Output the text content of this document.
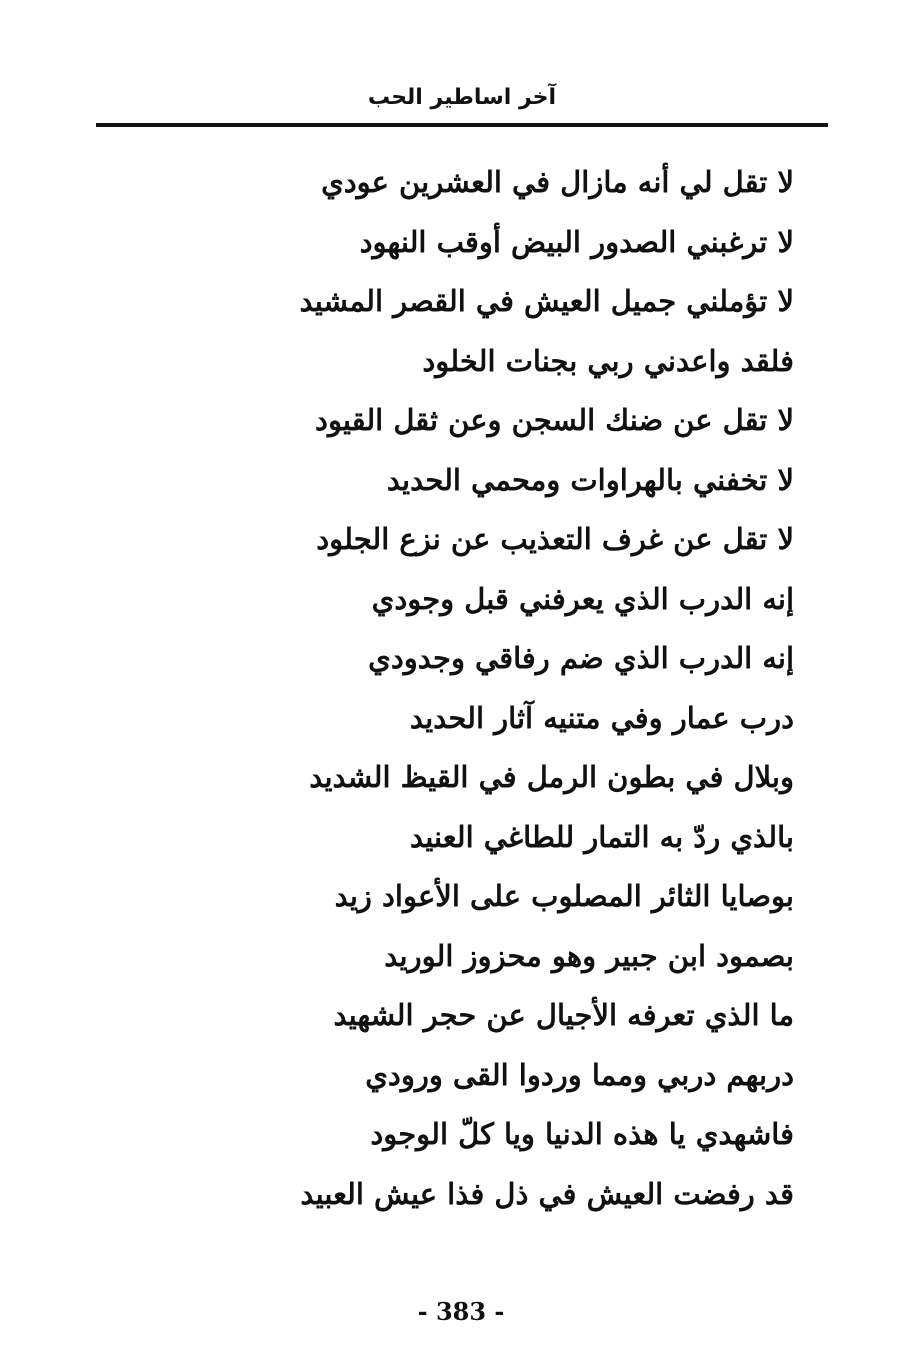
آخر اساطير الحب
لا تقل لي أنه مازال في العشرين عودي
لا ترغبني الصدور البيض أوقب النهود
لا تؤملني جميل العيش في القصر المشيد
فلقد واعدني ربي بجنات الخلود
لا تقل عن ضنك السجن وعن ثقل القيود
لا تخفني بالهراوات ومحمي الحديد
لا تقل عن غرف التعذيب عن نزع الجلود
إنه الدرب الذي يعرفني قبل وجودي
إنه الدرب الذي ضم رفاقي وجدودي
درب عمار وفي متنيه آثار الحديد
وبلال في بطون الرمل في القيظ الشديد
بالذي ردّ به التمار للطاغي العنيد
بوصايا الثائر المصلوب على الأعواد زيد
بصمود ابن جبير وهو محزوز الوريد
ما الذي تعرفه الأجيال عن حجر الشهيد
دربهم دربي ومما وردوا القى ورودي
فاشهدي يا هذه الدنيا ويا كلّ الوجود
قد رفضت العيش في ذل فذا عيش العبيد
- 383 -
